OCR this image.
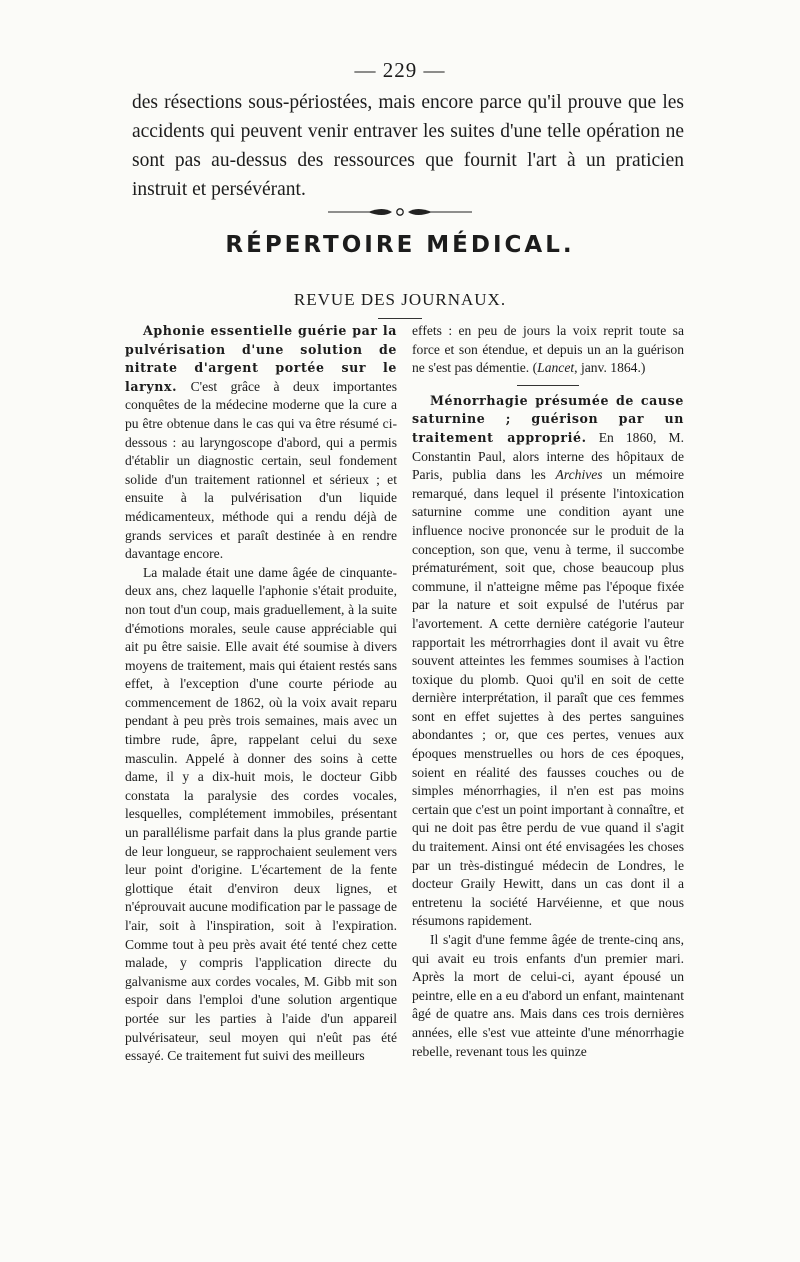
— 229 —
des résections sous-périostées, mais encore parce qu'il prouve que les accidents qui peuvent venir entraver les suites d'une telle opération ne sont pas au-dessus des ressources que fournit l'art à un praticien instruit et persévérant.
RÉPERTOIRE MÉDICAL.
REVUE DES JOURNAUX.

Aphonie essentielle guérie par la pulvérisation d'une solution de nitrate d'argent portée sur le larynx. C'est grâce à deux importantes conquêtes de la médecine moderne que la cure a pu être obtenue dans le cas qui va être résumé ci-dessous : au laryngoscope d'abord, qui a permis d'établir un diagnostic certain, seul fondement solide d'un traitement rationnel et sérieux ; et ensuite à la pulvérisation d'un liquide médicamenteux, méthode qui a rendu déjà de grands services et paraît destinée à en rendre davantage encore.

La malade était une dame âgée de cinquante-deux ans, chez laquelle l'aphonie s'était produite, non tout d'un coup, mais graduellement, à la suite d'émotions morales, seule cause appréciable qui ait pu être saisie. Elle avait été soumise à divers moyens de traitement, mais qui étaient restés sans effet, à l'exception d'une courte période au commencement de 1862, où la voix avait reparu pendant à peu près trois semaines, mais avec un timbre rude, âpre, rappelant celui du sexe masculin. Appelé à donner des soins à cette dame, il y a dix-huit mois, le docteur Gibb constata la paralysie des cordes vocales, lesquelles, complétement immobiles, présentant un parallélisme parfait dans la plus grande partie de leur longueur, se rapprochaient seulement vers leur point d'origine. L'écartement de la fente glottique était d'environ deux lignes, et n'éprouvait aucune modification par le passage de l'air, soit à l'inspiration, soit à l'expiration. Comme tout à peu près avait été tenté chez cette malade, y compris l'application directe du galvanisme aux cordes vocales, M. Gibb mit son espoir dans l'emploi d'une solution argentique portée sur les parties à l'aide d'un appareil pulvérisateur, seul moyen qui n'eût pas été essayé. Ce traitement fut suivi des meilleurs

effets : en peu de jours la voix reprit toute sa force et son étendue, et depuis un an la guérison ne s'est pas démentie. (Lancet, janv. 1864.)

Ménorrhagie présumée de cause saturnine ; guérison par un traitement approprié. En 1860, M. Constantin Paul, alors interne des hôpitaux de Paris, publia dans les Archives un mémoire remarqué, dans lequel il présente l'intoxication saturnine comme une condition ayant une influence nocive prononcée sur le produit de la conception, son que, venu à terme, il succombe prématurément, soit que, chose beaucoup plus commune, il n'atteigne même pas l'époque fixée par la nature et soit expulsé de l'utérus par l'avortement. A cette dernière catégorie l'auteur rapportait les métrorrhagies dont il avait vu être souvent atteintes les femmes soumises à l'action toxique du plomb. Quoi qu'il en soit de cette dernière interprétation, il paraît que ces femmes sont en effet sujettes à des pertes sanguines abondantes ; or, que ces pertes, venues aux époques menstruelles ou hors de ces époques, soient en réalité des fausses couches ou de simples ménorrhagies, il n'en est pas moins certain que c'est un point important à connaître, et qui ne doit pas être perdu de vue quand il s'agit du traitement. Ainsi ont été envisagées les choses par un très-distingué médecin de Londres, le docteur Graily Hewitt, dans un cas dont il a entretenu la société Harvéienne, et que nous résumons rapidement.

Il s'agit d'une femme âgée de trente-cinq ans, qui avait eu trois enfants d'un premier mari. Après la mort de celui-ci, ayant épousé un peintre, elle en a eu d'abord un enfant, maintenant âgé de quatre ans. Mais dans ces trois dernières années, elle s'est vue atteinte d'une ménorrhagie rebelle, revenant tous les quinze
